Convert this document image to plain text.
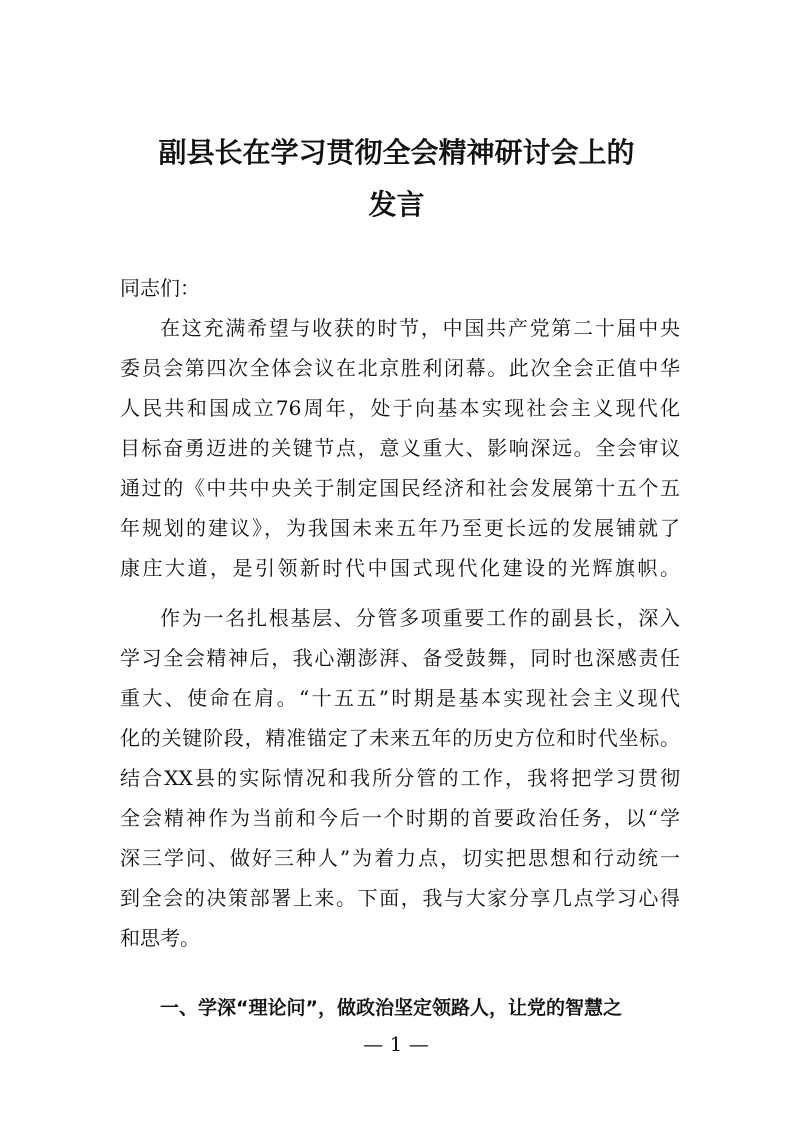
副县长在学习贯彻全会精神研讨会上的
发言

同志们：

在这充满希望与收获的时节，中国共产党第二十届中央

委员会第四次全体会议在北京胜利闭幕。此次全会正值中华

人民共和国成立76周年，处于向基本实现社会主义现代化

目标奋勇迈进的关键节点，意义重大、影响深远。全会审议

通过的《中共中央关于制定国民经济和社会发展第十五个五

年规划的建议》，为我国未来五年乃至更长远的发展铺就了

康庄大道，是引领新时代中国式现代化建设的光辉旗帜。

作为一名扎根基层、分管多项重要工作的副县长，深入

学习全会精神后，我心潮澎湃、备受鼓舞，同时也深感责任

重大、使命在肩。“十五五”时期是基本实现社会主义现代

化的关键阶段，精准锚定了未来五年的历史方位和时代坐标。

结合XX县的实际情况和我所分管的工作，我将把学习贯彻

全会精神作为当前和今后一个时期的首要政治任务，以“学

深三学问、做好三种人”为着力点，切实把思想和行动统一

到全会的决策部署上来。下面，我与大家分享几点学习心得

和思考。

一、学深“理论问”，做政治坚定领路人，让党的智慧之
— 1 —
